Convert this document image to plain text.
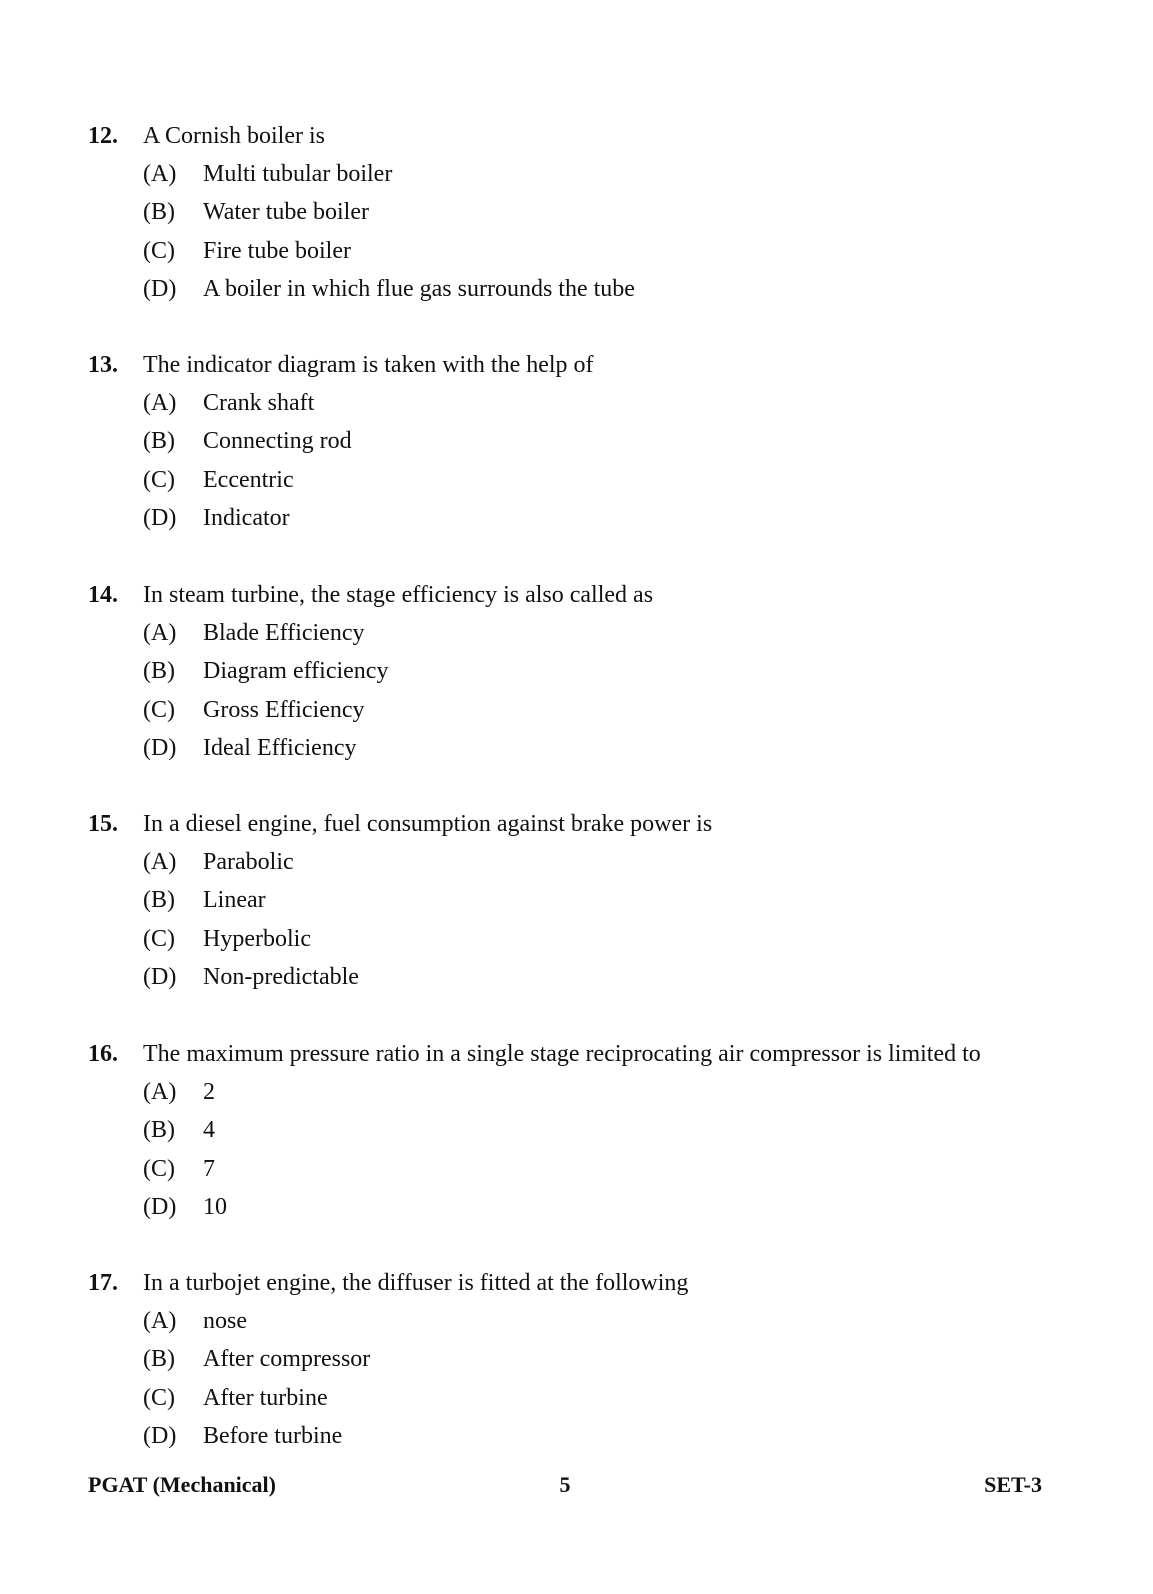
12. A Cornish boiler is
(A) Multi tubular boiler
(B) Water tube boiler
(C) Fire tube boiler
(D) A boiler in which flue gas surrounds the tube
13. The indicator diagram is taken with the help of
(A) Crank shaft
(B) Connecting rod
(C) Eccentric
(D) Indicator
14. In steam turbine, the stage efficiency is also called as
(A) Blade Efficiency
(B) Diagram efficiency
(C) Gross Efficiency
(D) Ideal Efficiency
15. In a diesel engine, fuel consumption against brake power is
(A) Parabolic
(B) Linear
(C) Hyperbolic
(D) Non-predictable
16. The maximum pressure ratio in a single stage reciprocating air compressor is limited to
(A) 2
(B) 4
(C) 7
(D) 10
17. In a turbojet engine, the diffuser is fitted at the following
(A) nose
(B) After compressor
(C) After turbine
(D) Before turbine
PGAT (Mechanical)	5	SET-3
